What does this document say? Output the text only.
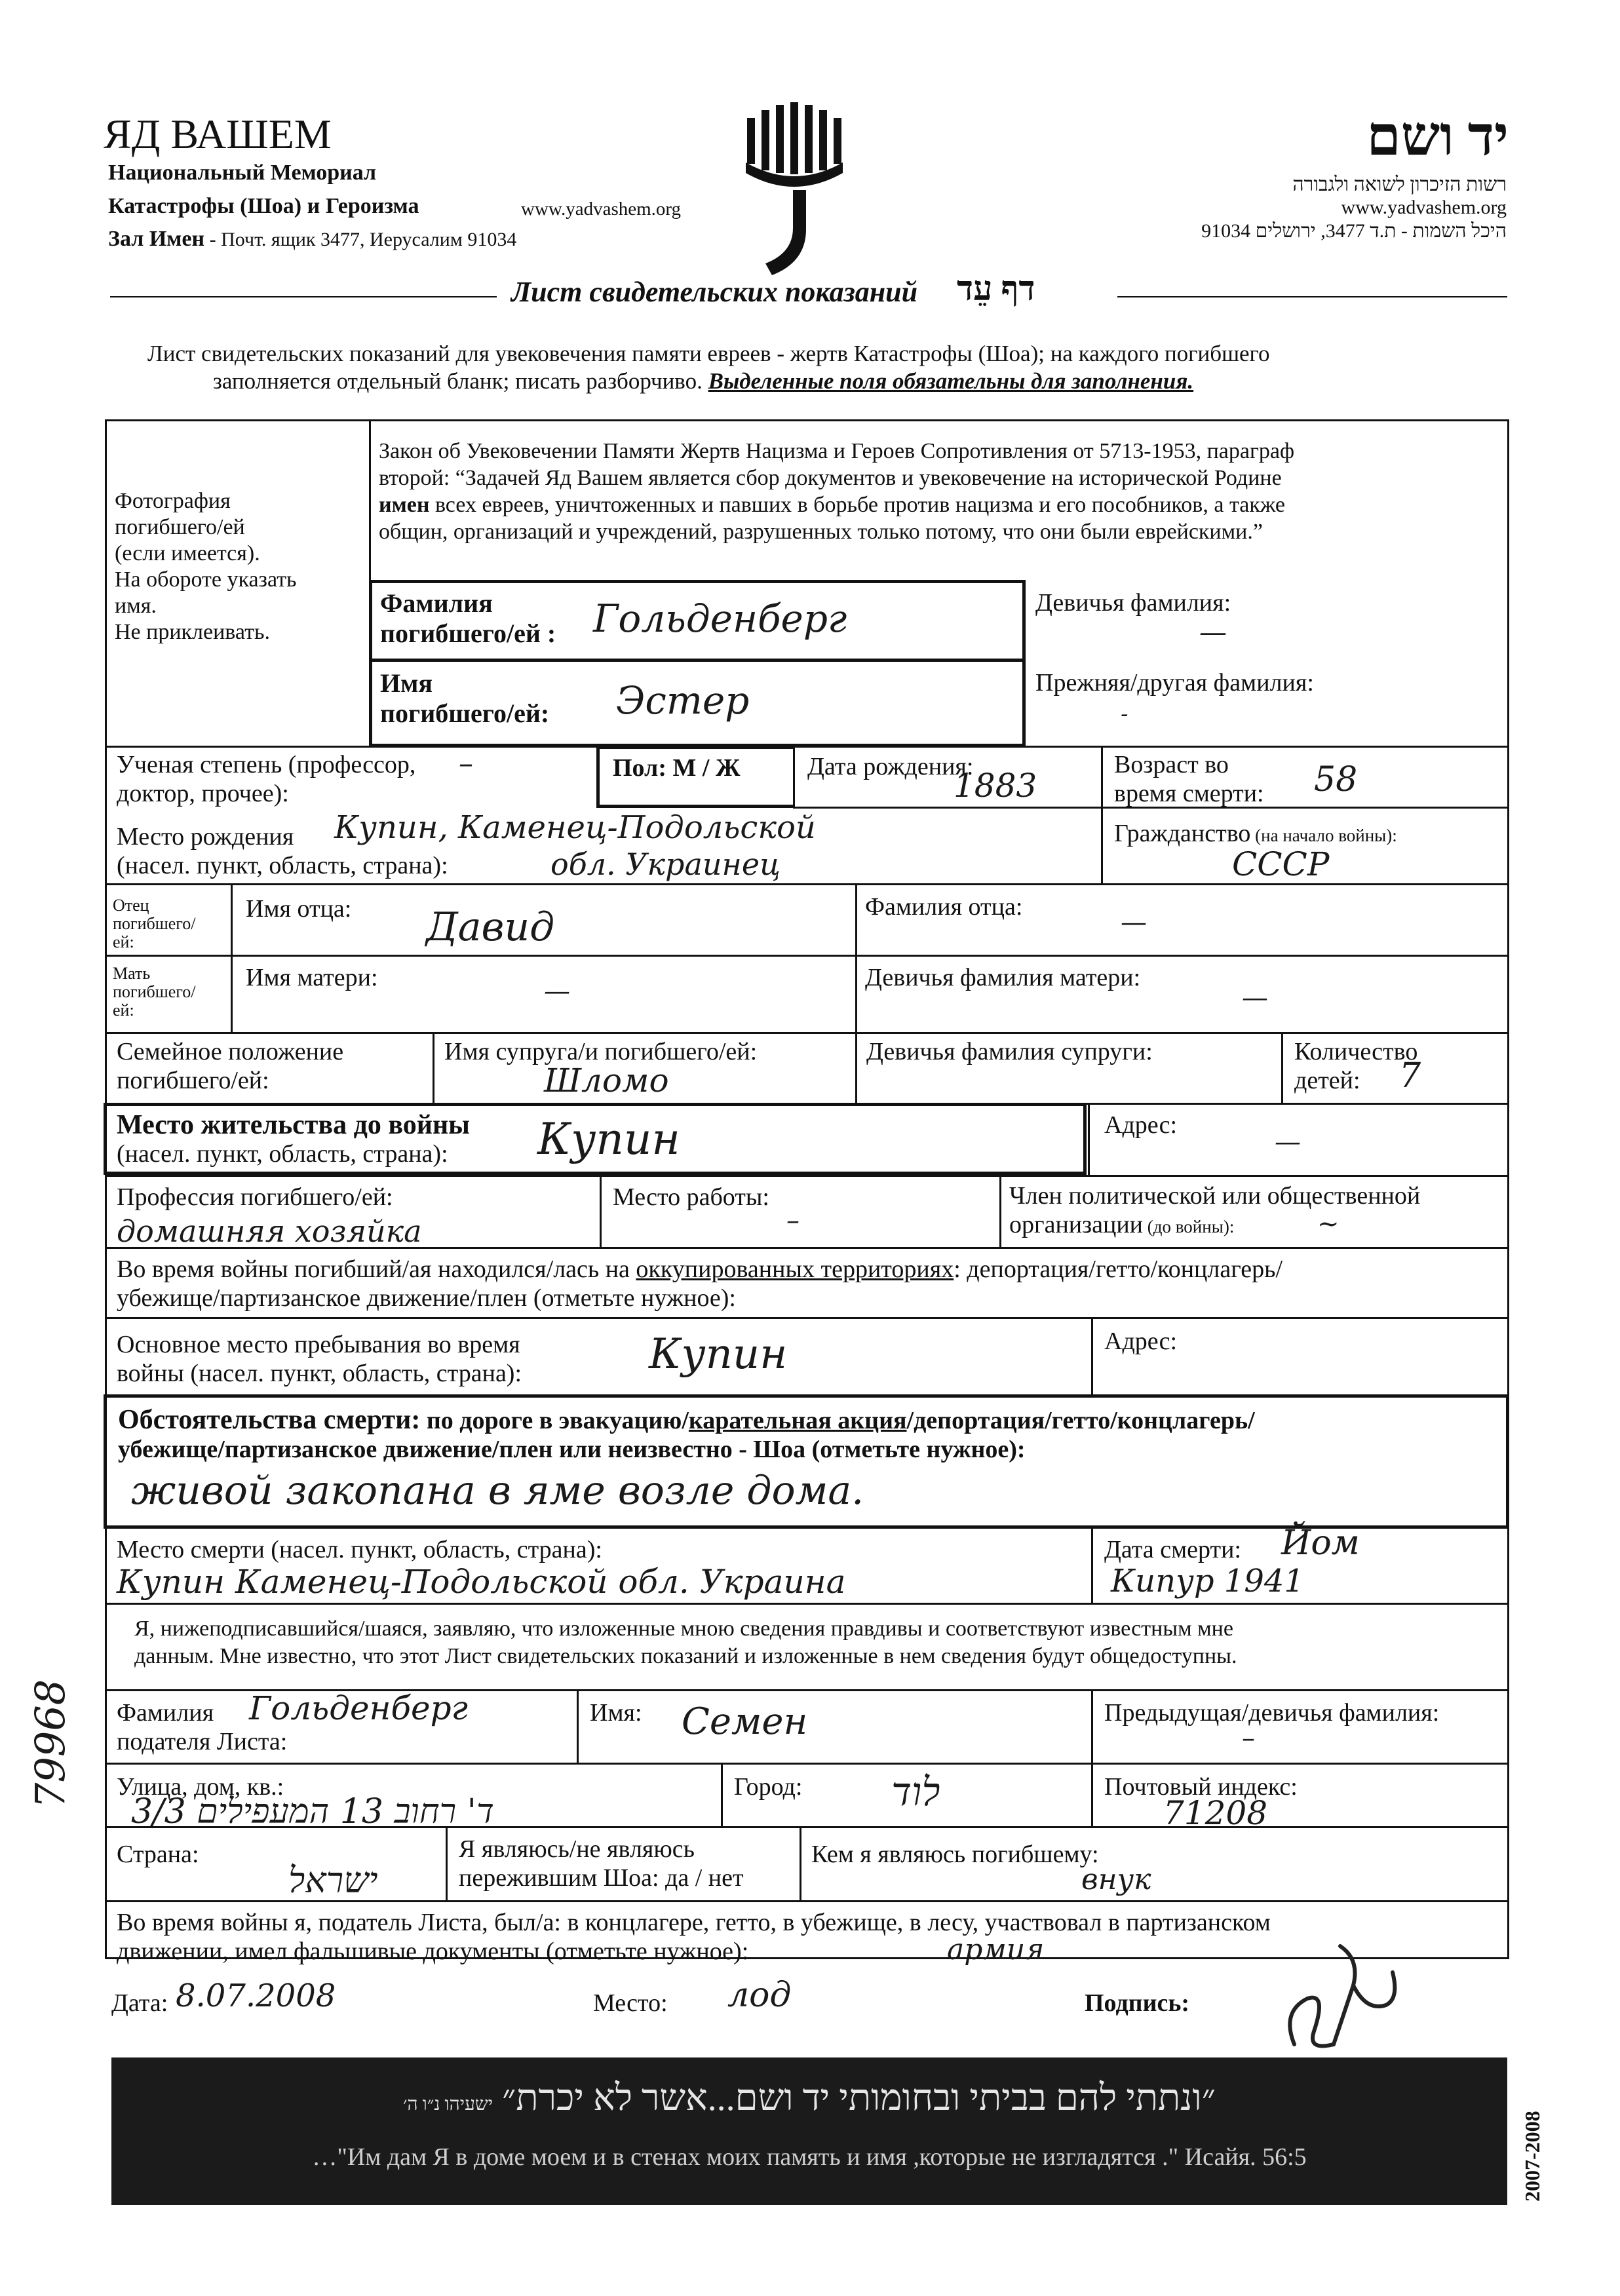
ЯД ВАШЕМ
Национальный Мемориал
Катастрофы (Шоа) и Героизма	www.yadvashem.org
Зал Имен - Почт. ящик 3477, Иерусалим 91034
יד ושם
רשות הזיכרון לשואה ולגבורה
www.yadvashem.org
היכל השמות - ת.ד 3477, ירושלים 91034
Лист свидетельских показаний דף עֵד
Лист свидетельских показаний для увековечения памяти евреев - жертв Катастрофы (Шоа); на каждого погибшего
заполняется отдельный бланк; писать разборчиво. Выделенные поля обязательны для заполнения.
Фотография
погибшего/ей
(если имеется).
На обороте указать
имя.
Не приклеивать.
Закон об Увековечении Памяти Жертв Нацизма и Героев Сопротивления от 5713-1953, параграф
второй: “Задачей Яд Вашем является сбор документов и увековечение на исторической Родине
имен всех евреев, уничтоженных и павших в борьбе против нацизма и его пособников, а также
общин, организаций и учреждений, разрушенных только потому, что они были еврейскими.”
Фамилия
погибшего/ей : Гольденберг	Девичья фамилия:
—
Имя
погибшего/ей: Эстер	Прежняя/другая фамилия:
-
Ученая степень (профессор,
доктор, прочее):
–	Пол: М / Ж	Дата рождения:
1883
Возраст во
время смерти: 58
Место рождения
(насел. пункт, область, страна):
Купин, Каменец-Подольской
обл. Украинец
Гражданство (на начало войны):
СССР
Отец
погибшего/
ей:
Имя отца: Давид	Фамилия отца:
—
Мать
погибшего/
ей:
Имя матери:	—	Девичья фамилия матери:
—
Семейное положение
погибшего/ей:
Имя супруга/и погибшего/ей:
Шломо
Девичья фамилия супруги:	Количество
детей:	7
Место жительства до войны
(насел. пункт, область, страна):	Купин	Адрес:
—
Профессия погибшего/ей:
домашняя хозяйка
Место работы:
–
Член политической или общественной
организации (до войны):	~
Во время войны погибший/ая находился/лась на оккупированных территориях: депортация/гетто/концлагерь/
убежище/партизанское движение/плен (отметьте нужное):
Основное место пребывания во время
войны (насел. пункт, область, страна):	Купин	Адрес:
Обстоятельства смерти: по дороге в эвакуацию/карательная акция/депортация/гетто/концлагерь/
убежище/партизанское движение/плен или неизвестно - Шоа (отметьте нужное):
живой закопана в яме возле дома.
Место смерти (насел. пункт, область, страна):
Купин Каменец-Подольской обл. Украина
Дата смерти: Йом
Кипур 1941
Я, нижеподписавшийся/шаяся, заявляю, что изложенные мною сведения правдивы и соответствуют известным мне
данным. Мне известно, что этот Лист свидетельских показаний и изложенные в нем сведения будут общедоступны.
Фамилия
подателя Листа:
Гольденберг	Имя: Семен	Предыдущая/девичья фамилия:
–
Улица, дом, кв.:
3/3 ד' רחוב 13 המעפילים
Город: לוד	Почтовый индекс:
71208
Страна:
ישראל
Я являюсь/не являюсь
пережившим Шоа: да / нет
Кем я являюсь погибшему:
внук
Во время войны я, податель Листа, был/а: в концлагере, гетто, в убежище, в лесу, участвовал в партизанском
движении, имел фальшивые документы (отметьте нужное):	армия
Дата: 8.07.2008	Место: лод	Подпись:
79968
״ונתתי להם בביתי ובחומותי יד ושם...אשר לא יכרת״ ישעיהו נ״ו ה׳
…"Им дам Я в доме моем и в стенах моих память и имя ,которые не изгладятся ." Исайя. 56:5	2007-2008
